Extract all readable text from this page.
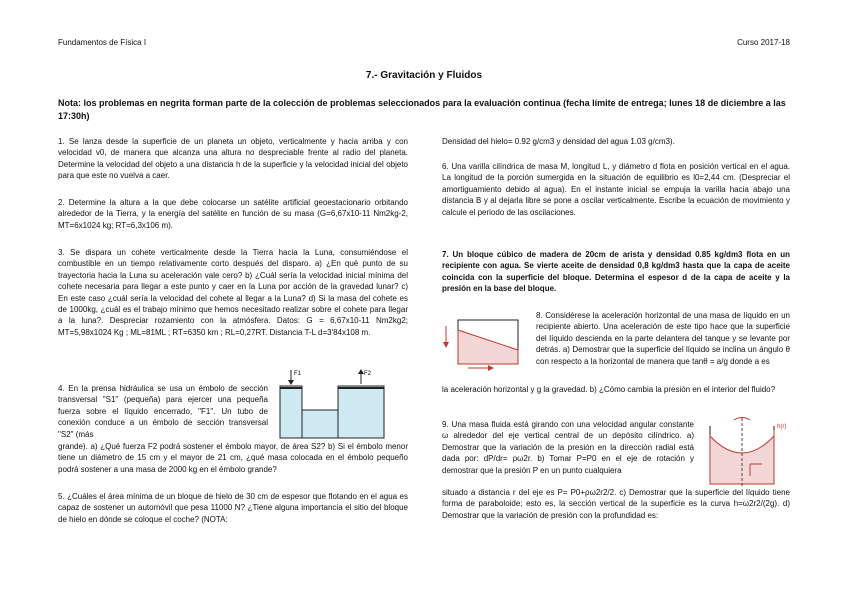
Fundamentos de Física I	Curso 2017-18
7.- Gravitación y Fluidos
Nota: los problemas en negrita forman parte de la colección de problemas seleccionados para la evaluación continua (fecha límite de entrega; lunes 18 de diciembre a las 17:30h)
1. Se lanza desde la superficie de un planeta un objeto, verticalmente y hacia arriba y con velocidad v0, de manera que alcanza una altura no despreciable frente al radio del planeta. Determine la velocidad del objeto a una distancia h de la superficie y la velocidad inicial del objeto para que este no vuelva a caer.
2. Determine la altura a la que debe colocarse un satélite artificial geoestacionario orbitando alrededor de la Tierra, y la energía del satélite en función de su masa (G=6,67x10-11 Nm2kg-2, MT=6x1024 kg; RT=6,3x106 m).
3. Se dispara un cohete verticalmente desde la Tierra hacia la Luna, consumiéndose el combustible en un tiempo relativamente corto después del disparo. a) ¿En qué punto de su trayectoria hacia la Luna su aceleración vale cero? b) ¿Cuál sería la velocidad inicial mínima del cohete necesaria para llegar a este punto y caer en la Luna por acción de la gravedad lunar? c) En este caso ¿cuál sería la velocidad del cohete al llegar a la Luna? d) Si la masa del cohete es de 1000kg, ¿cuál es el trabajo mínimo que hemos necesitado realizar sobre el cohete para llegar a la luna?. Despreciar rozamiento con la atmósfera. Datos: G = 6,67x10-11 Nm2kg2; MT=5,98x1024 Kg ; ML=81ML ; RT=6350 km ; RL=0,27RT. Distancia T-L d=3'84x108 m.
4. En la prensa hidráulica se usa un émbolo de sección transversal "S1" (pequeña) para ejercer una pequeña fuerza sobre el líquido encerrado, "F1". Un tubo de conexión conduce a un émbolo de sección transversal "S2" (más
grande). a) ¿Qué fuerza F2 podrá sostener el émbolo mayor, de área S2? b) Si el émbolo menor tiene un diámetro de 15 cm y el mayor de 21 cm, ¿qué masa colocada en el émbolo pequeño podrá sostener a una masa de 2000 kg en el émbolo grande?
F1	F2
5. ¿Cuáles el área mínima de un bloque de hielo de 30 cm de espesor que flotando en el agua es capaz de sostener un automóvil que pesa 11000 N? ¿Tiene alguna importancia el sitio del bloque de hielo en dónde se coloque el coche? (NOTA:
Densidad del hielo= 0.92 g/cm3 y densidad del agua 1.03 g/cm3).
6. Una varilla cilíndrica de masa M, longitud L, y diámetro d flota en posición vertical en el agua. La longitud de la porción sumergida en la situación de equilibrio es l0=2,44 cm. (Despreciar el amortiguamiento debido al agua). En el instante inicial se empuja la varilla hacia abajo una distancia B y al dejarla libre se pone a oscilar verticalmente. Escribe la ecuación de movimiento y calcule el periodo de las oscilaciones.
7. Un bloque cúbico de madera de 20cm de arista y densidad 0.85 kg/dm3 flota en un recipiente con agua. Se vierte aceite de densidad 0,8 kg/dm3 hasta que la capa de aceite coincida con la superficie del bloque. Determina el espesor d de la capa de aceite y la presión en la base del bloque.
8. Considérese la aceleración horizontal de una masa de líquido en un recipiente abierto. Una aceleración de este tipo hace que la superficie del líquido descienda en la parte delantera del tanque y se levante por detrás. a) Demostrar que la superficie del líquido se inclina un ángulo θ con respecto a la horizontal de manera que tanθ = a/g donde a es
la aceleración horizontal y g la gravedad. b) ¿Cómo cambia la presión en el interior del fluido?
9. Una masa fluida está girando con una velocidad angular constante ω alrededor del eje vertical central de un depósito cilíndrico. a) Demostrar que la variación de la presión en la dirección radial está dada por: dP/dr= ρω2r. b) Tomar P=P0 en el eje de rotación y demostrar que la presión P en un punto cualquiera
h(r)
situado a distancia r del eje es P= P0+ρω2r2/2. c) Demostrar que la superficie del líquido tiene forma de paraboloide; esto es, la sección vertical de la superficie es la curva h=ω2r2/(2g). d) Demostrar que la variación de presión con la profundidad es:
